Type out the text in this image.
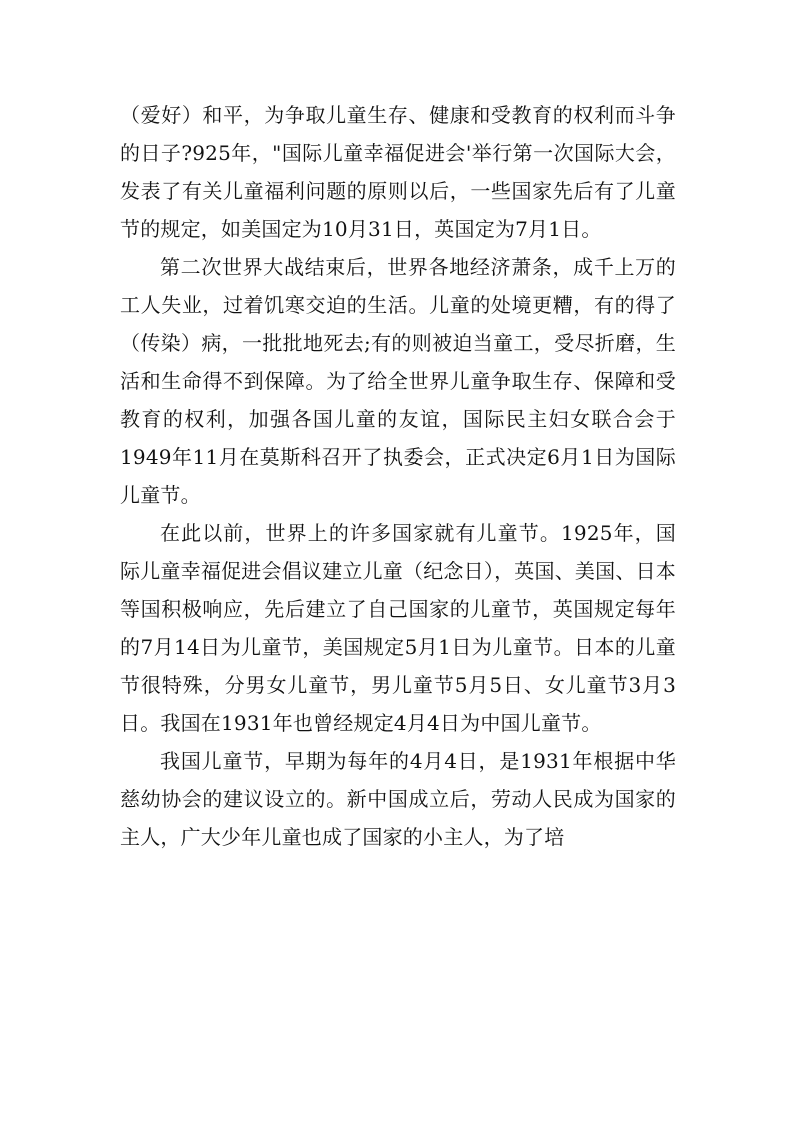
（爱好）和平，为争取儿童生存、健康和受教育的权利而斗争的日子?925年，"国际儿童幸福促进会'举行第一次国际大会，发表了有关儿童福利问题的原则以后，一些国家先后有了儿童节的规定，如美国定为10月31日，英国定为7月1日。

第二次世界大战结束后，世界各地经济萧条，成千上万的工人失业，过着饥寒交迫的生活。儿童的处境更糟，有的得了（传染）病，一批批地死去;有的则被迫当童工，受尽折磨，生活和生命得不到保障。为了给全世界儿童争取生存、保障和受教育的权利，加强各国儿童的友谊，国际民主妇女联合会于1949年11月在莫斯科召开了执委会，正式决定6月1日为国际儿童节。

在此以前，世界上的许多国家就有儿童节。1925年，国际儿童幸福促进会倡议建立儿童（纪念日），英国、美国、日本等国积极响应，先后建立了自己国家的儿童节，英国规定每年的7月14日为儿童节，美国规定5月1日为儿童节。日本的儿童节很特殊，分男女儿童节，男儿童节5月5日、女儿童节3月3日。我国在1931年也曾经规定4月4日为中国儿童节。

我国儿童节，早期为每年的4月4日，是1931年根据中华慈幼协会的建议设立的。新中国成立后，劳动人民成为国家的主人，广大少年儿童也成了国家的小主人，为了培
